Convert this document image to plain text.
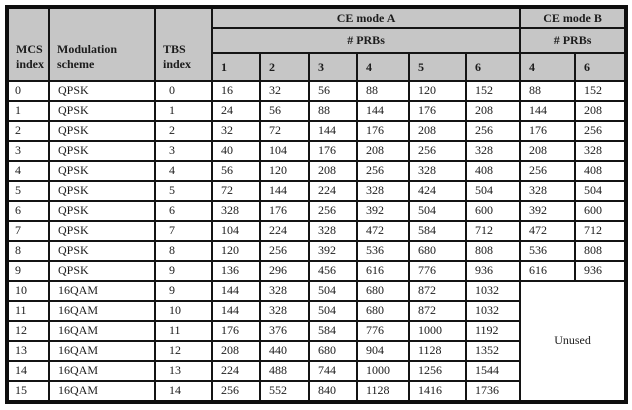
MCS index	Modulation scheme	TBS index	CE mode A						CE mode B	
			# PRBs						# PRBs	
			1	2	3	4	5	6	4	6
0	QPSK	0	16	32	56	88	120	152	88	152
1	QPSK	1	24	56	88	144	176	208	144	208
2	QPSK	2	32	72	144	176	208	256	176	256
3	QPSK	3	40	104	176	208	256	328	208	328
4	QPSK	4	56	120	208	256	328	408	256	408
5	QPSK	5	72	144	224	328	424	504	328	504
6	QPSK	6	328	176	256	392	504	600	392	600
7	QPSK	7	104	224	328	472	584	712	472	712
8	QPSK	8	120	256	392	536	680	808	536	808
9	QPSK	9	136	296	456	616	776	936	616	936
10	16QAM	9	144	328	504	680	872	1032	Unused	
11	16QAM	10	144	328	504	680	872	1032		
12	16QAM	11	176	376	584	776	1000	1192		
13	16QAM	12	208	440	680	904	1128	1352		
14	16QAM	13	224	488	744	1000	1256	1544		
15	16QAM	14	256	552	840	1128	1416	1736		
